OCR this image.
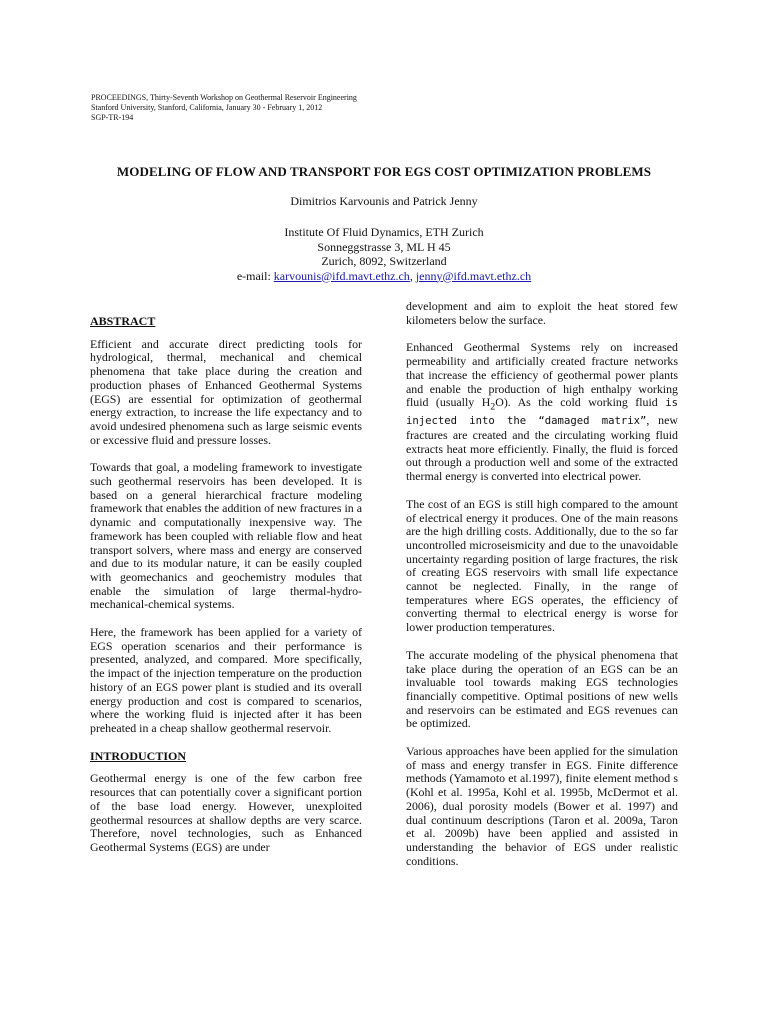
PROCEEDINGS, Thirty-Seventh Workshop on Geothermal Reservoir Engineering
Stanford University, Stanford, California, January 30 - February 1, 2012
SGP-TR-194
MODELING OF FLOW AND TRANSPORT FOR EGS COST OPTIMIZATION PROBLEMS
Dimitrios Karvounis and Patrick Jenny
Institute Of Fluid Dynamics, ETH Zurich
Sonneggstrasse 3, ML H 45
Zurich, 8092, Switzerland
e-mail: karvounis@ifd.mavt.ethz.ch, jenny@ifd.mavt.ethz.ch
ABSTRACT

Efficient and accurate direct predicting tools for hydrological, thermal, mechanical and chemical phenomena that take place during the creation and production phases of Enhanced Geothermal Systems (EGS) are essential for optimization of geothermal energy extraction, to increase the life expectancy and to avoid undesired phenomena such as large seismic events or excessive fluid and pressure losses.

Towards that goal, a modeling framework to investigate such geothermal reservoirs has been developed. It is based on a general hierarchical fracture modeling framework that enables the addition of new fractures in a dynamic and computationally inexpensive way. The framework has been coupled with reliable flow and heat transport solvers, where mass and energy are conserved and due to its modular nature, it can be easily coupled with geomechanics and geochemistry modules that enable the simulation of large thermal-hydro-mechanical-chemical systems.

Here, the framework has been applied for a variety of EGS operation scenarios and their performance is presented, analyzed, and compared. More specifically, the impact of the injection temperature on the production history of an EGS power plant is studied and its overall energy production and cost is compared to scenarios, where the working fluid is injected after it has been preheated in a cheap shallow geothermal reservoir.

INTRODUCTION

Geothermal energy is one of the few carbon free resources that can potentially cover a significant portion of the base load energy. However, unexploited geothermal resources at shallow depths are very scarce. Therefore, novel technologies, such as Enhanced Geothermal Systems (EGS) are under

development and aim to exploit the heat stored few kilometers below the surface.

Enhanced Geothermal Systems rely on increased permeability and artificially created fracture networks that increase the efficiency of geothermal power plants and enable the production of high enthalpy working fluid (usually $H_2O$). As the cold working fluid is injected into the “damaged matrix”, new fractures are created and the circulating working fluid extracts heat more efficiently. Finally, the fluid is forced out through a production well and some of the extracted thermal energy is converted into electrical power.

The cost of an EGS is still high compared to the amount of electrical energy it produces. One of the main reasons are the high drilling costs. Additionally, due to the so far uncontrolled microseismicity and due to the unavoidable uncertainty regarding position of large fractures, the risk of creating EGS reservoirs with small life expectance cannot be neglected. Finally, in the range of temperatures where EGS operates, the efficiency of converting thermal to electrical energy is worse for lower production temperatures.

The accurate modeling of the physical phenomena that take place during the operation of an EGS can be an invaluable tool towards making EGS technologies financially competitive. Optimal positions of new wells and reservoirs can be estimated and EGS revenues can be optimized.

Various approaches have been applied for the simulation of mass and energy transfer in EGS. Finite difference methods (Yamamoto et al.1997), finite element method s (Kohl et al. 1995a, Kohl et al. 1995b, McDermot et al. 2006), dual porosity models (Bower et al. 1997) and dual continuum descriptions (Taron et al. 2009a, Taron et al. 2009b) have been applied and assisted in understanding the behavior of EGS under realistic conditions.
